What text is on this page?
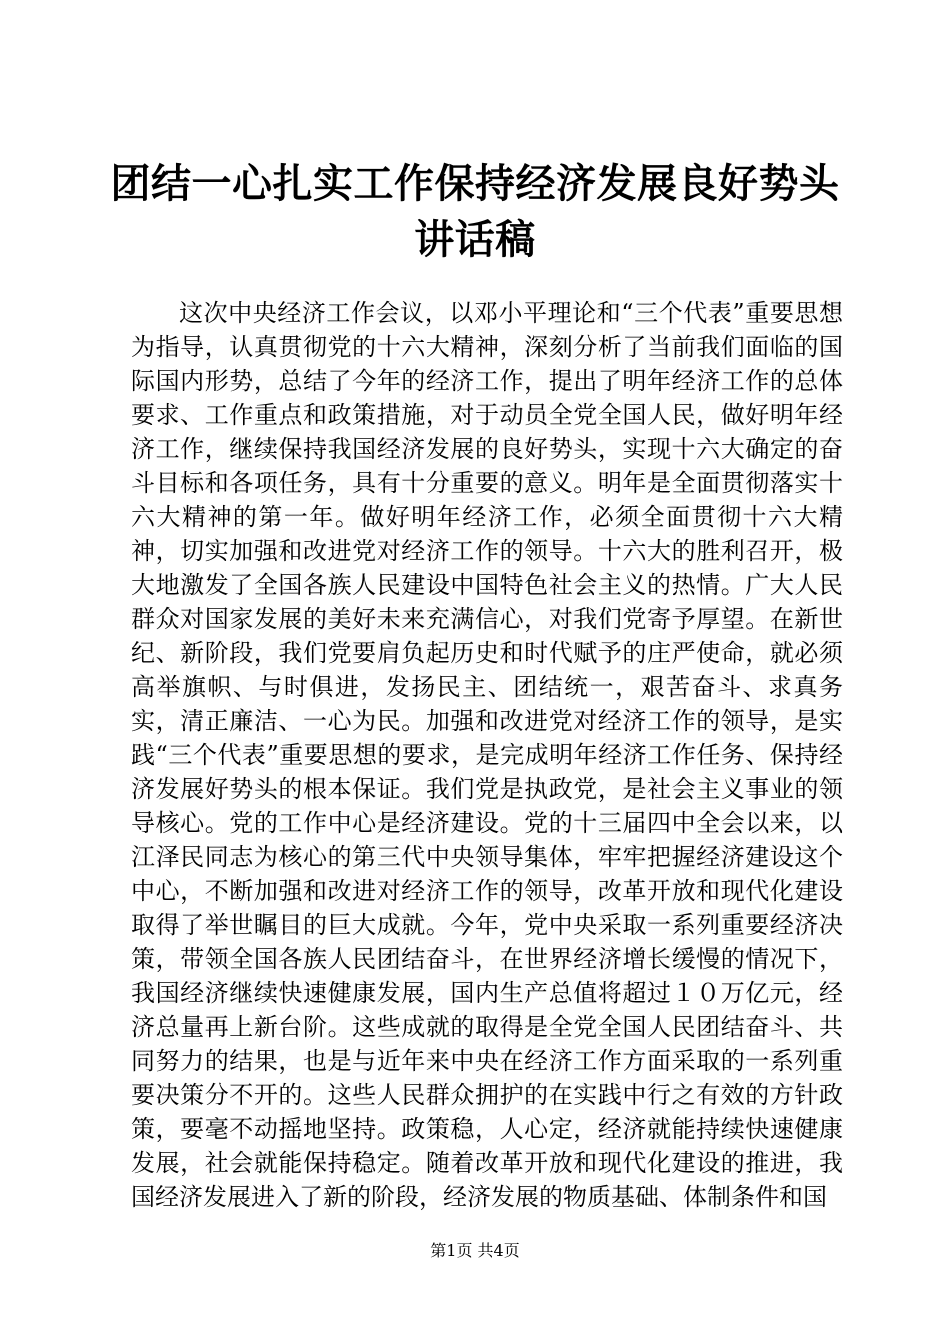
团结一心扎实工作保持经济发展良好势头讲话稿

这次中央经济工作会议，以邓小平理论和“三个代表”重要思想为指导，认真贯彻党的十六大精神，深刻分析了当前我们面临的国际国内形势，总结了今年的经济工作，提出了明年经济工作的总体要求、工作重点和政策措施，对于动员全党全国人民，做好明年经济工作，继续保持我国经济发展的良好势头，实现十六大确定的奋斗目标和各项任务，具有十分重要的意义。明年是全面贯彻落实十六大精神的第一年。做好明年经济工作，必须全面贯彻十六大精神，切实加强和改进党对经济工作的领导。十六大的胜利召开，极大地激发了全国各族人民建设中国特色社会主义的热情。广大人民群众对国家发展的美好未来充满信心，对我们党寄予厚望。在新世纪、新阶段，我们党要肩负起历史和时代赋予的庄严使命，就必须高举旗帜、与时俱进，发扬民主、团结统一，艰苦奋斗、求真务实，清正廉洁、一心为民。加强和改进党对经济工作的领导，是实践“三个代表”重要思想的要求，是完成明年经济工作任务、保持经济发展好势头的根本保证。我们党是执政党，是社会主义事业的领导核心。党的工作中心是经济建设。党的十三届四中全会以来，以江泽民同志为核心的第三代中央领导集体，牢牢把握经济建设这个中心，不断加强和改进对经济工作的领导，改革开放和现代化建设取得了举世瞩目的巨大成就。今年，党中央采取一系列重要经济决策，带领全国各族人民团结奋斗，在世界经济增长缓慢的情况下，我国经济继续快速健康发展，国内生产总值将超过１０万亿元，经济总量再上新台阶。这些成就的取得是全党全国人民团结奋斗、共同努力的结果，也是与近年来中央在经济工作方面采取的一系列重要决策分不开的。这些人民群众拥护的在实践中行之有效的方针政策，要毫不动摇地坚持。政策稳，人心定，经济就能持续快速健康发展，社会就能保持稳定。随着改革开放和现代化建设的推进，我国经济发展进入了新的阶段，经济发展的物质基础、体制条件和国

第1页 共4页
